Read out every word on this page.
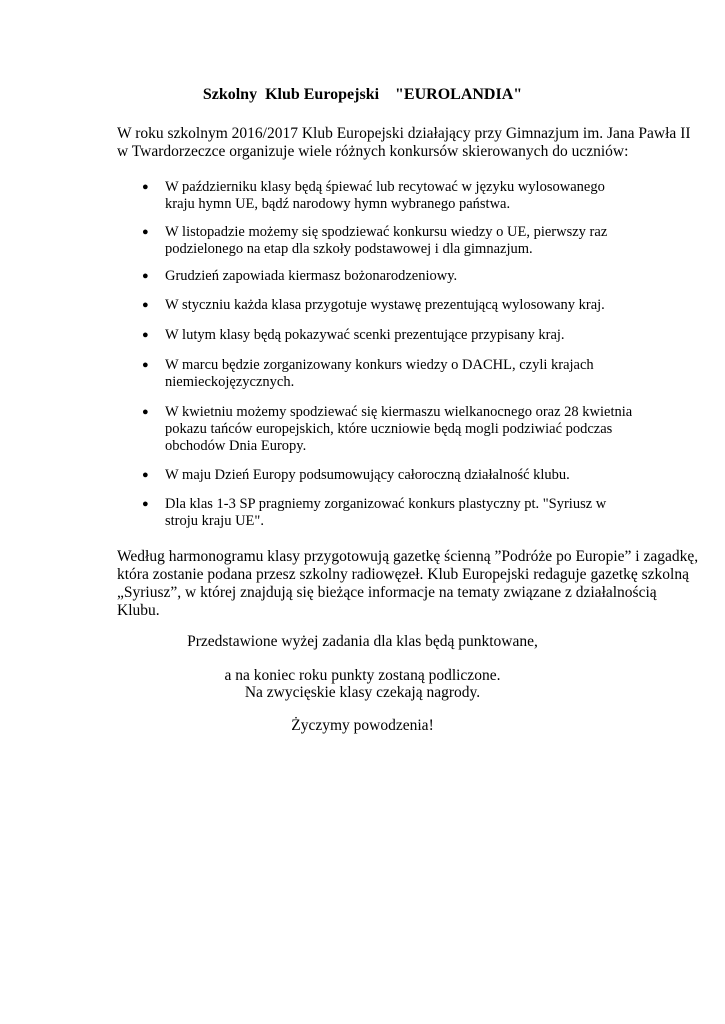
Szkolny  Klub Europejski    "EUROLANDIA"
W roku szkolnym 2016/2017 Klub Europejski działający przy Gimnazjum im. Jana Pawła II
w Twardorzeczce organizuje wiele różnych konkursów skierowanych do uczniów:
● W październiku klasy będą śpiewać lub recytować w języku wylosowanego
kraju hymn UE, bądź narodowy hymn wybranego państwa.
● W listopadzie możemy się spodziewać konkursu wiedzy o UE, pierwszy raz
podzielonego na etap dla szkoły podstawowej i dla gimnazjum.
● Grudzień zapowiada kiermasz bożonarodzeniowy.
● W styczniu każda klasa przygotuje wystawę prezentującą wylosowany kraj.
● W lutym klasy będą pokazywać scenki prezentujące przypisany kraj.
● W marcu będzie zorganizowany konkurs wiedzy o DACHL, czyli krajach
niemieckojęzycznych.
● W kwietniu możemy spodziewać się kiermaszu wielkanocnego oraz 28 kwietnia
pokazu tańców europejskich, które uczniowie będą mogli podziwiać podczas
obchodów Dnia Europy.
● W maju Dzień Europy podsumowujący całoroczną działalność klubu.
● Dla klas 1-3 SP pragniemy zorganizować konkurs plastyczny pt. "Syriusz w
stroju kraju UE".
Według harmonogramu klasy przygotowują gazetkę ścienną ”Podróże po Europie” i zagadkę,
która zostanie podana przesz szkolny radiowęzeł. Klub Europejski redaguje gazetkę szkolną
„Syriusz”, w której znajdują się bieżące informacje na tematy związane z działalnością
Klubu.
Przedstawione wyżej zadania dla klas będą punktowane,
a na koniec roku punkty zostaną podliczone.
Na zwycięskie klasy czekają nagrody.
Życzymy powodzenia!
